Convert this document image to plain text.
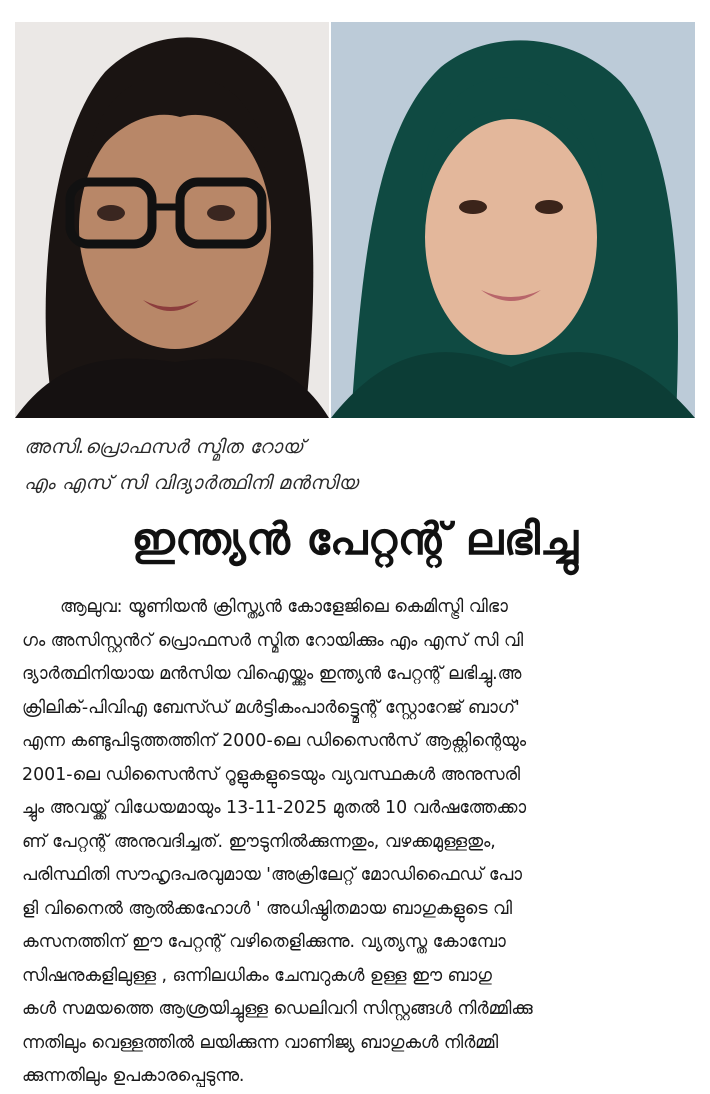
അസി.പ്രൊഫസർ സ്മിത റോയ്
എം എസ് സി വിദ്യാർത്ഥിനി മൻസിയ
ഇന്ത്യൻ പേറ്റന്റ് ലഭിച്ചു
ആലുവ: യൂണിയൻ ക്രിസ്ത്യൻ കോളേജിലെ കെമിസ്ട്രി വിഭാ
ഗം അസിസ്റ്റൻറ് പ്രൊഫസർ സ്മിത റോയിക്കും എം എസ് സി വി
ദ്യാർത്ഥിനിയായ മൻസിയ വിഐയ്ക്കും ഇന്ത്യൻ പേറ്റന്റ് ലഭിച്ചു.അ
ക്രിലിക്-പിവിഎ ബേസ്ഡ് മൾട്ടികംപാർട്ട്മെന്റ് സ്റ്റോറേജ് ബാഗ്'
എന്ന കണ്ടുപിടുത്തത്തിന് 2000-ലെ ഡിസൈൻസ് ആക്റ്റിന്റെയും
2001-ലെ ഡിസൈൻസ് റൂളുകളുടെയും വ്യവസ്ഥകൾ അനുസരി
ച്ചും അവയ്ക്ക് വിധേയമായും 13-11-2025 മുതൽ 10 വർഷത്തേക്കാ
ണ് പേറ്റന്റ് അനുവദിച്ചത്. ഈടുനിൽക്കുന്നതും, വഴക്കമുള്ളതും,
പരിസ്ഥിതി സൗഹൃദപരവുമായ 'അക്രിലേറ്റ് മോഡിഫൈഡ് പോ
ളി വിനൈൽ ആൽക്കഹോൾ ' അധിഷ്ഠിതമായ ബാഗുകളുടെ വി
കസനത്തിന് ഈ പേറ്റന്റ് വഴിതെളിക്കുന്നു. വ്യത്യസ്ത കോമ്പോ
സിഷനുകളിലുള്ള , ഒന്നിലധികം ചേമ്പറുകൾ ഉള്ള ഈ ബാഗു
കൾ സമയത്തെ ആശ്രയിച്ചുള്ള ഡെലിവറി സിസ്റ്റങ്ങൾ നിർമ്മിക്കു
ന്നതിലും വെള്ളത്തിൽ ലയിക്കുന്ന വാണിജ്യ ബാഗുകൾ നിർമ്മി
ക്കുന്നതിലും ഉപകാരപ്പെടുന്നു.
